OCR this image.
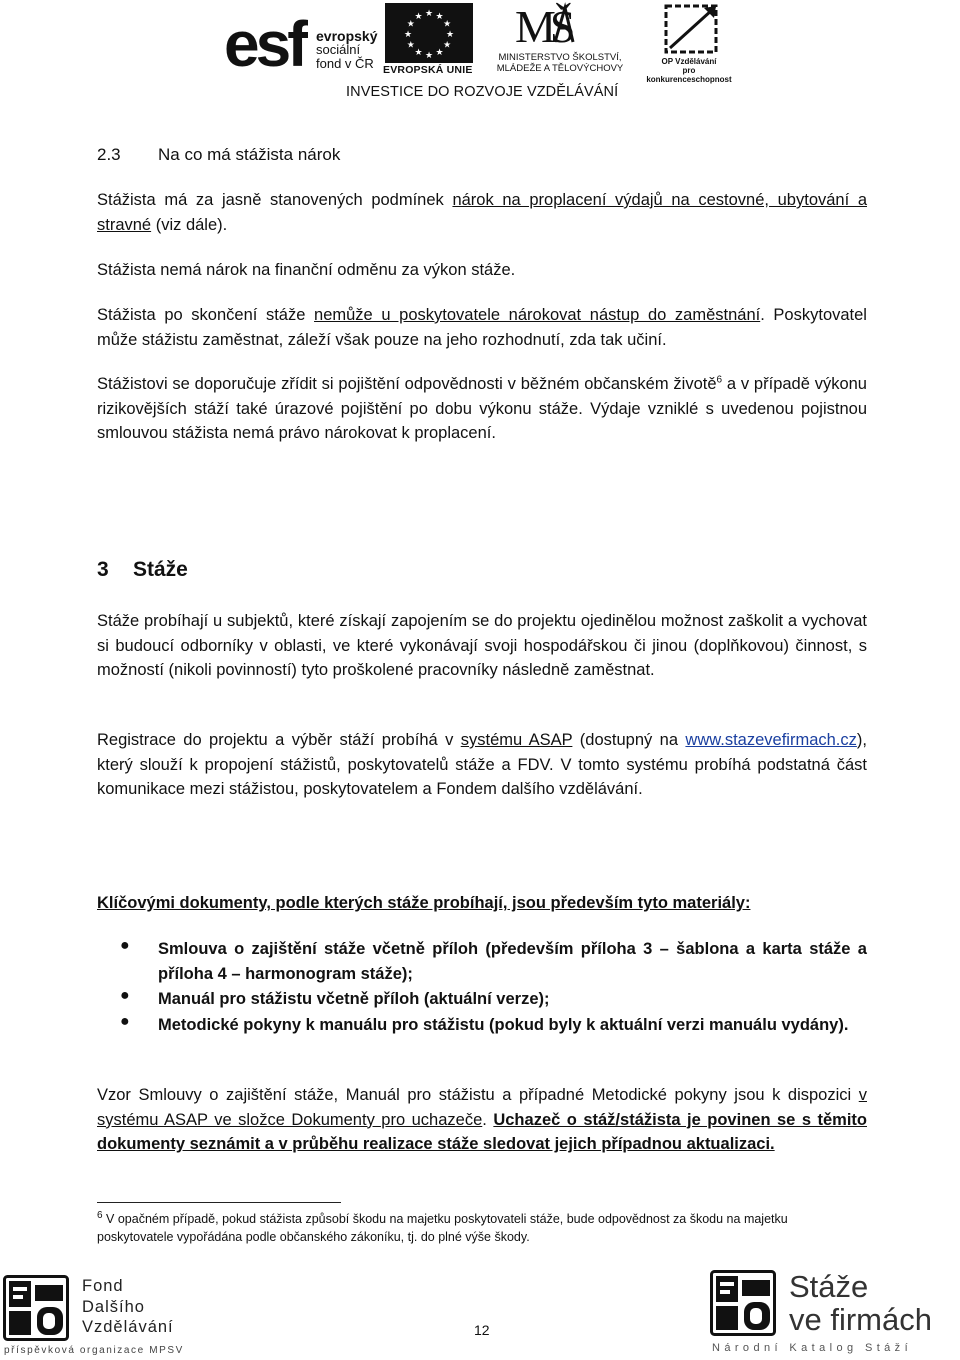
esf evropský
sociální
fond v ČR
★ ★
★
★
★
★
★
★
★
★
★
★
EVROPSKÁ UNIE
MŠ
MINISTERSTVO ŠKOLSTVÍ,
MLÁDEŽE A TĚLOVÝCHOVY
OP Vzdělávání
pro konkurenceschopnost
INVESTICE DO ROZVOJE VZDĚLÁVÁNÍ
2.3 Na co má stážista nárok
Stážista má za jasně stanovených podmínek nárok na proplacení výdajů na cestovné, ubytování a stravné (viz dále).
Stážista nemá nárok na finanční odměnu za výkon stáže.
Stážista po skončení stáže nemůže u poskytovatele nárokovat nástup do zaměstnání. Poskytovatel může stážistu zaměstnat, záleží však pouze na jeho rozhodnutí, zda tak učiní.
Stážistovi se doporučuje zřídit si pojištění odpovědnosti v běžném občanském životě$^6$ a v případě výkonu rizikovějších stáží také úrazové pojištění po dobu výkonu stáže. Výdaje vzniklé s uvedenou pojistnou smlouvou stážista nemá právo nárokovat k proplacení.
3 Stáže
Stáže probíhají u subjektů, které získají zapojením se do projektu ojedinělou možnost zaškolit a vychovat si budoucí odborníky v oblasti, ve které vykonávají svoji hospodářskou či jinou (doplňkovou) činnost, s možností (nikoli povinností) tyto proškolené pracovníky následně zaměstnat.
Registrace do projektu a výběr stáží probíhá v systému ASAP (dostupný na www.stazevefirmach.cz), který slouží k propojení stážistů, poskytovatelů stáže a FDV. V tomto systému probíhá podstatná část komunikace mezi stážistou, poskytovatelem a Fondem dalšího vzdělávání.
Klíčovými dokumenty, podle kterých stáže probíhají, jsou především tyto materiály:
● Smlouva o zajištění stáže včetně příloh (především příloha 3 – šablona a karta stáže a příloha 4 – harmonogram stáže);
● Manuál pro stážistu včetně příloh (aktuální verze);
● Metodické pokyny k manuálu pro stážistu (pokud byly k aktuální verzi manuálu vydány).
Vzor Smlouvy o zajištění stáže, Manuál pro stážistu a případné Metodické pokyny jsou k dispozici v systému ASAP ve složce Dokumenty pro uchazeče. Uchazeč o stáž/stážista je povinen se s těmito dokumenty seznámit a v průběhu realizace stáže sledovat jejich případnou aktualizaci.
$^6$ V opačném případě, pokud stážista způsobí škodu na majetku poskytovateli stáže, bude odpovědnost za škodu na majetku poskytovatele vypořádána podle občanského zákoníku, tj. do plné výše škody.
Fond
Dalšího
Vzdělávání
příspěvková organizace MPSV
12
Stáže
ve firmách
Národní Katalog Stáží
